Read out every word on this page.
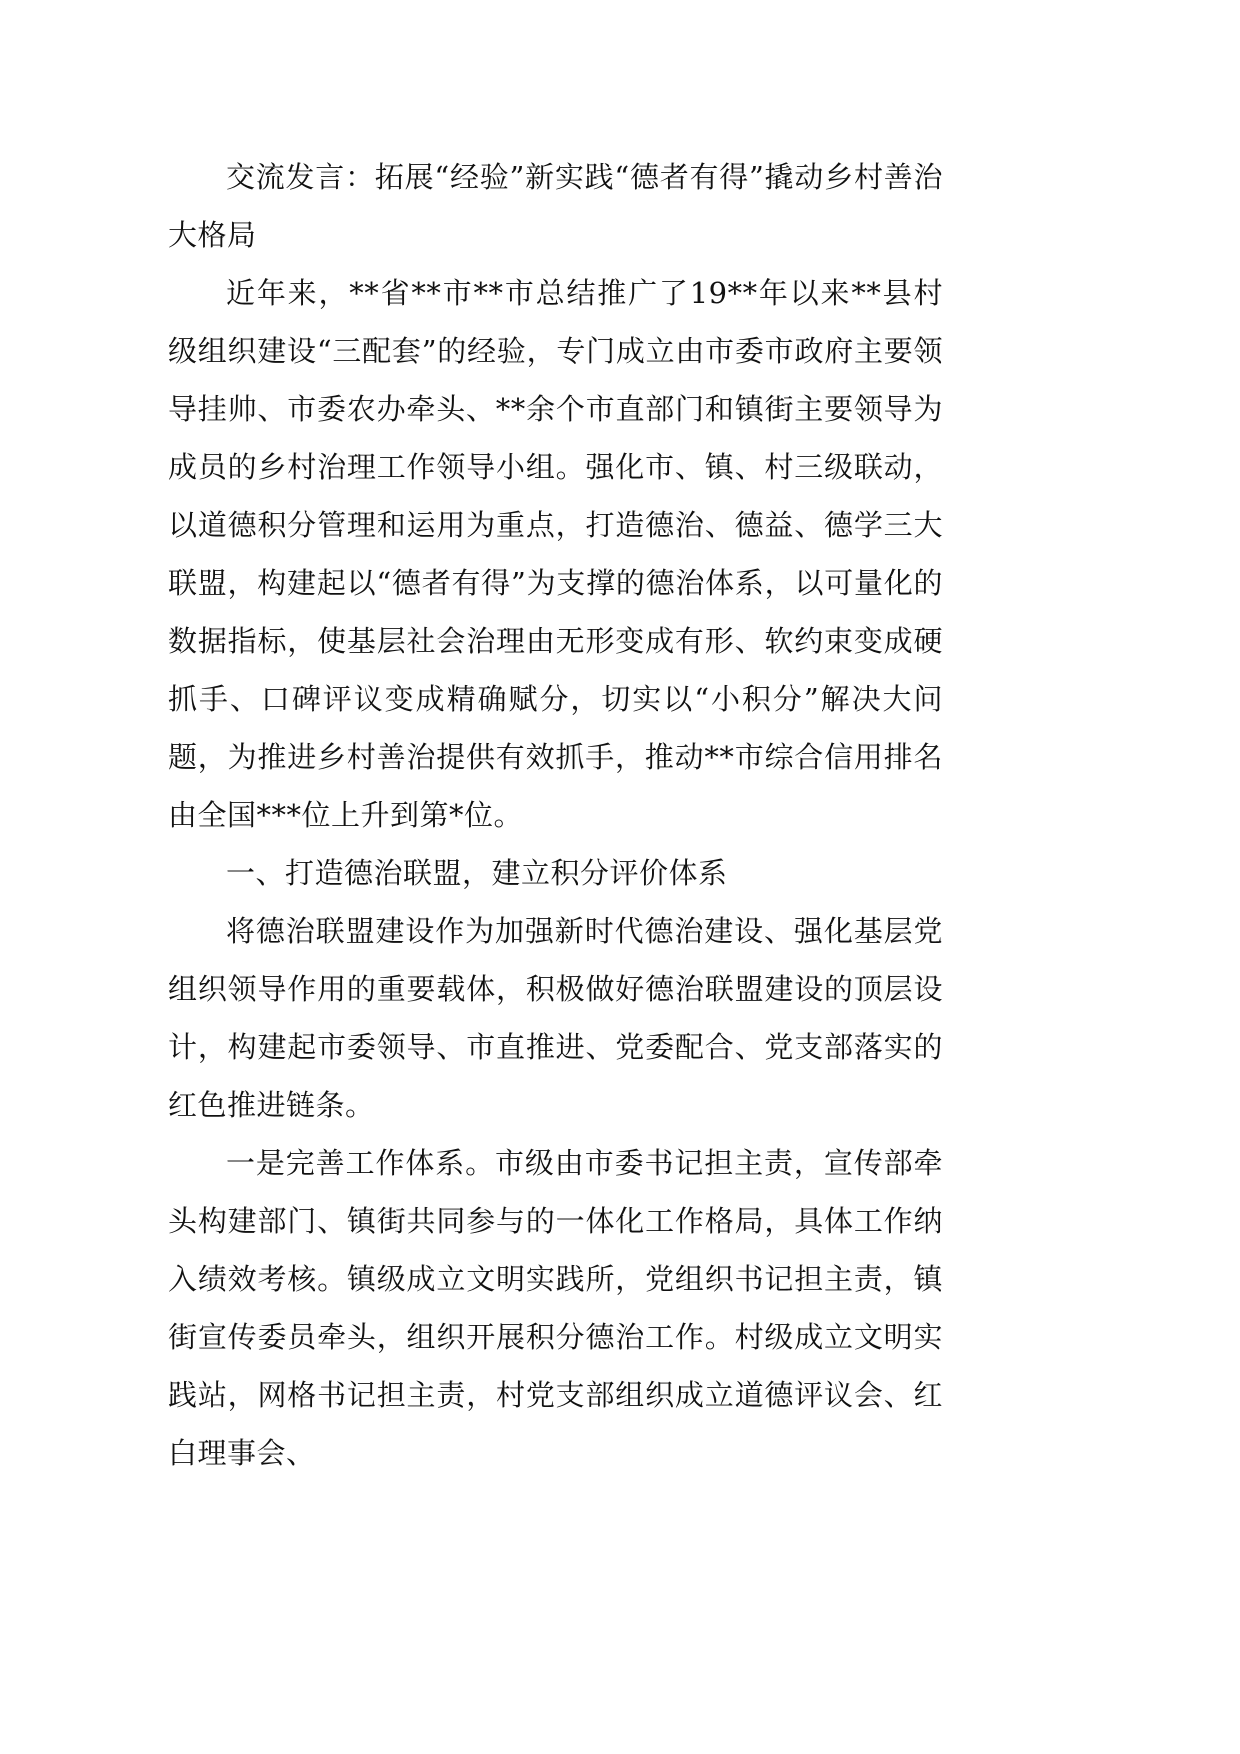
交流发言：拓展“经验”新实践“德者有得”撬动乡村善治大格局

近年来，**省**市**市总结推广了19**年以来**县村级组织建设“三配套”的经验，专门成立由市委市政府主要领导挂帅、市委农办牵头、**余个市直部门和镇街主要领导为成员的乡村治理工作领导小组。强化市、镇、村三级联动，以道德积分管理和运用为重点，打造德治、德益、德学三大联盟，构建起以“德者有得”为支撑的德治体系，以可量化的数据指标，使基层社会治理由无形变成有形、软约束变成硬抓手、口碑评议变成精确赋分，切实以“小积分”解决大问题，为推进乡村善治提供有效抓手，推动**市综合信用排名由全国***位上升到第*位。

一、打造德治联盟，建立积分评价体系

将德治联盟建设作为加强新时代德治建设、强化基层党组织领导作用的重要载体，积极做好德治联盟建设的顶层设计，构建起市委领导、市直推进、党委配合、党支部落实的红色推进链条。

一是完善工作体系。市级由市委书记担主责，宣传部牵头构建部门、镇街共同参与的一体化工作格局，具体工作纳入绩效考核。镇级成立文明实践所，党组织书记担主责，镇街宣传委员牵头，组织开展积分德治工作。村级成立文明实践站，网格书记担主责，村党支部组织成立道德评议会、红白理事会、
